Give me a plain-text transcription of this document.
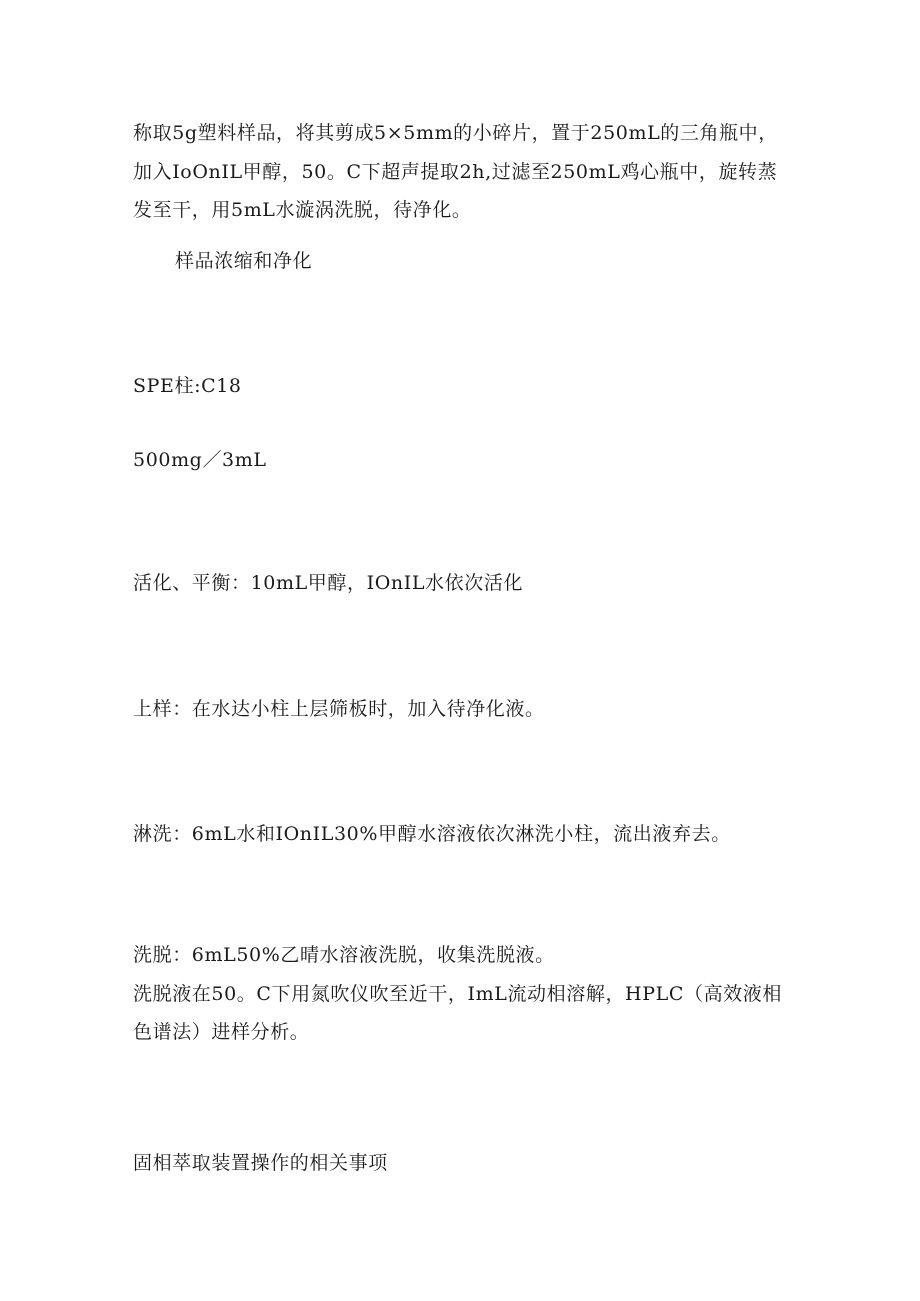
称取5g塑料样品，将其剪成5×5mm的小碎片，置于250mL的三角瓶中，
加入IoOnIL甲醇，50。C下超声提取2h,过滤至250mL鸡心瓶中，旋转蒸
发至干，用5mL水漩涡洗脱，待净化。

样品浓缩和净化

SPE柱:C18

500mg／3mL

活化、平衡：10mL甲醇，IOnIL水依次活化

上样：在水达小柱上层筛板时，加入待净化液。

淋洗：6mL水和IOnIL30%甲醇水溶液依次淋洗小柱，流出液弃去。

洗脱：6mL50%乙晴水溶液洗脱，收集洗脱液。
洗脱液在50。C下用氮吹仪吹至近干，ImL流动相溶解，HPLC（高效液相
色谱法）进样分析。

固相萃取装置操作的相关事项
